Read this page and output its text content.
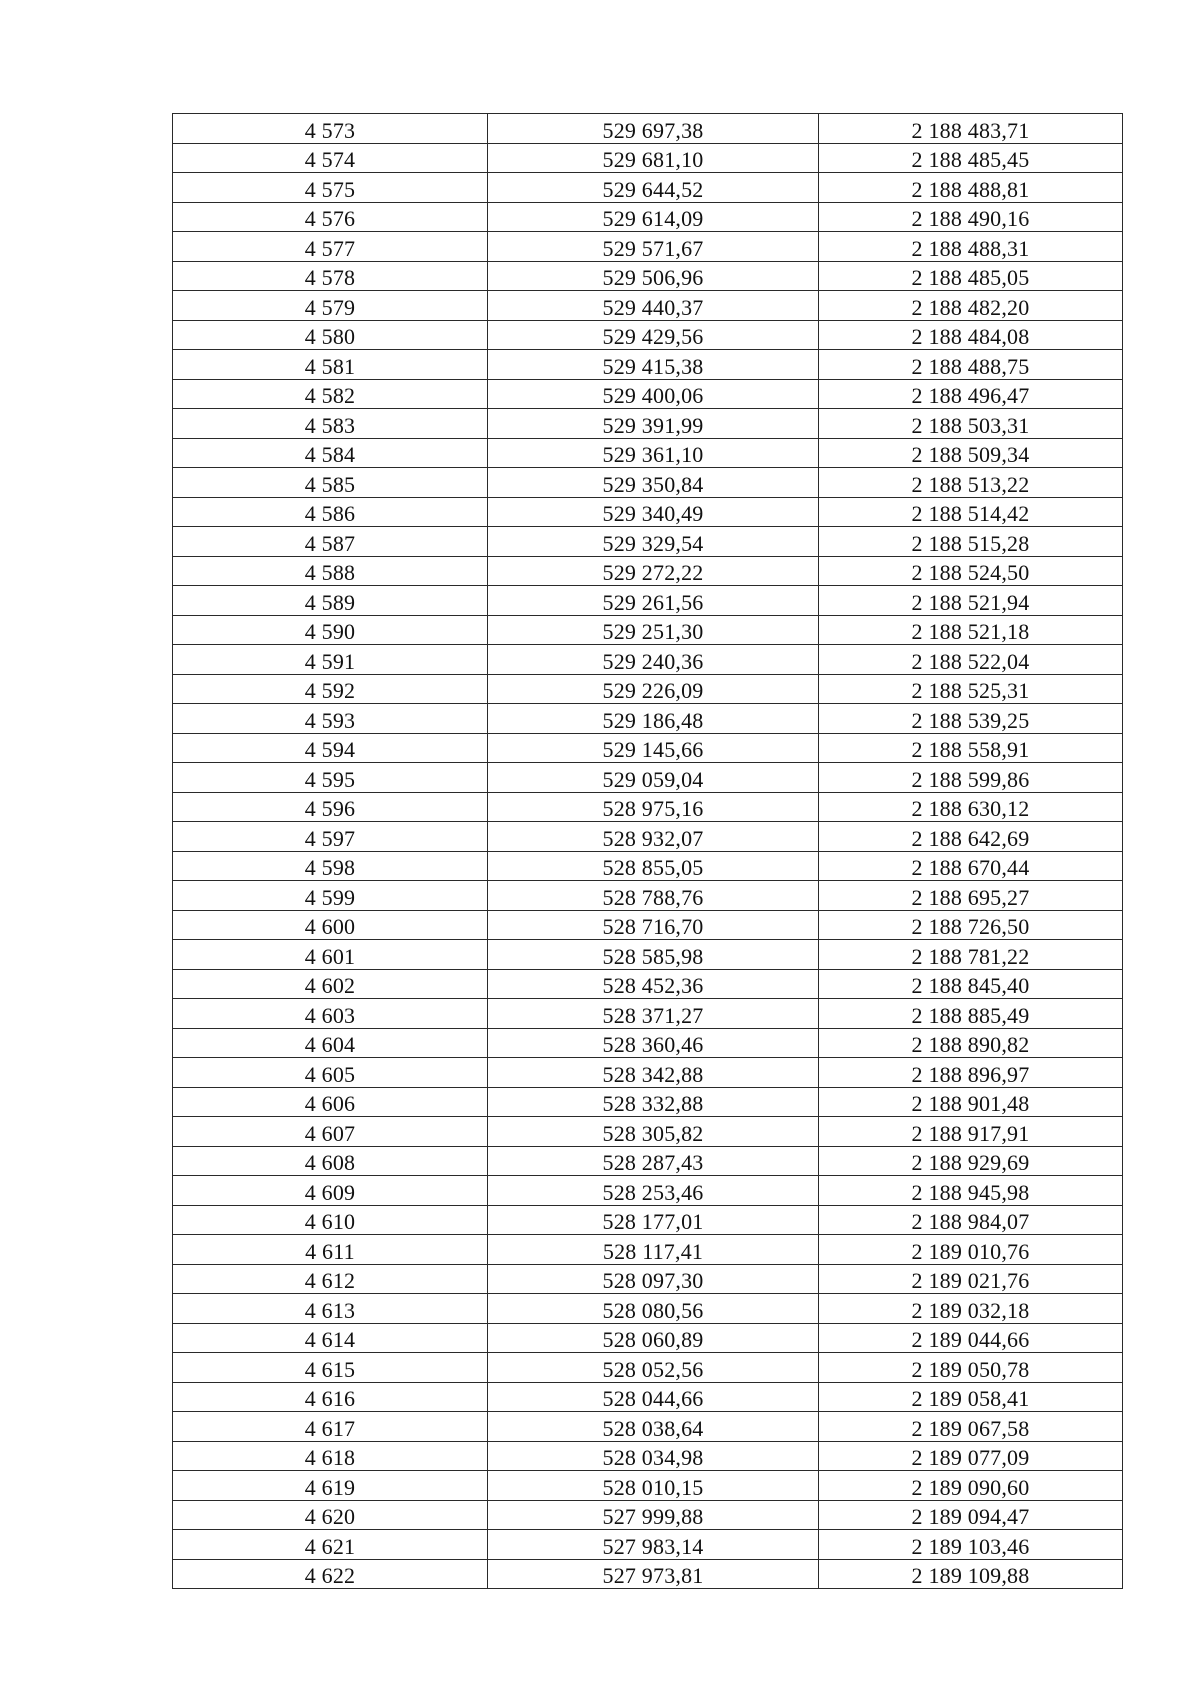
4 573	529 697,38	2 188 483,71
4 574	529 681,10	2 188 485,45
4 575	529 644,52	2 188 488,81
4 576	529 614,09	2 188 490,16
4 577	529 571,67	2 188 488,31
4 578	529 506,96	2 188 485,05
4 579	529 440,37	2 188 482,20
4 580	529 429,56	2 188 484,08
4 581	529 415,38	2 188 488,75
4 582	529 400,06	2 188 496,47
4 583	529 391,99	2 188 503,31
4 584	529 361,10	2 188 509,34
4 585	529 350,84	2 188 513,22
4 586	529 340,49	2 188 514,42
4 587	529 329,54	2 188 515,28
4 588	529 272,22	2 188 524,50
4 589	529 261,56	2 188 521,94
4 590	529 251,30	2 188 521,18
4 591	529 240,36	2 188 522,04
4 592	529 226,09	2 188 525,31
4 593	529 186,48	2 188 539,25
4 594	529 145,66	2 188 558,91
4 595	529 059,04	2 188 599,86
4 596	528 975,16	2 188 630,12
4 597	528 932,07	2 188 642,69
4 598	528 855,05	2 188 670,44
4 599	528 788,76	2 188 695,27
4 600	528 716,70	2 188 726,50
4 601	528 585,98	2 188 781,22
4 602	528 452,36	2 188 845,40
4 603	528 371,27	2 188 885,49
4 604	528 360,46	2 188 890,82
4 605	528 342,88	2 188 896,97
4 606	528 332,88	2 188 901,48
4 607	528 305,82	2 188 917,91
4 608	528 287,43	2 188 929,69
4 609	528 253,46	2 188 945,98
4 610	528 177,01	2 188 984,07
4 611	528 117,41	2 189 010,76
4 612	528 097,30	2 189 021,76
4 613	528 080,56	2 189 032,18
4 614	528 060,89	2 189 044,66
4 615	528 052,56	2 189 050,78
4 616	528 044,66	2 189 058,41
4 617	528 038,64	2 189 067,58
4 618	528 034,98	2 189 077,09
4 619	528 010,15	2 189 090,60
4 620	527 999,88	2 189 094,47
4 621	527 983,14	2 189 103,46
4 622	527 973,81	2 189 109,88
